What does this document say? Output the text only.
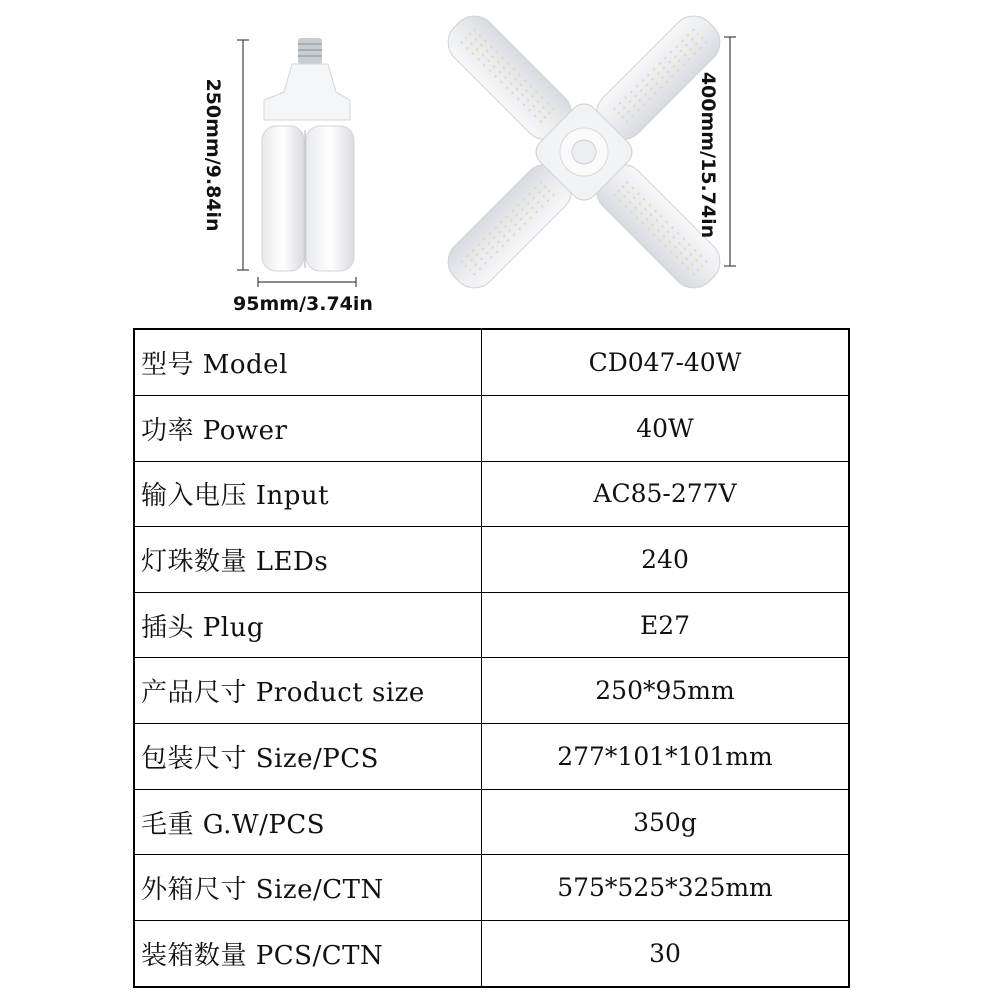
250mm/9.84in
95mm/3.74in
400mm/15.74in
型号 Model	CD047-40W
功率 Power	40W
输入电压 Input	AC85-277V
灯珠数量 LEDs	240
插头 Plug	E27
产品尺寸 Product size	250*95mm
包装尺寸 Size/PCS	277*101*101mm
毛重 G.W/PCS	350g
外箱尺寸 Size/CTN	575*525*325mm
装箱数量 PCS/CTN	30
